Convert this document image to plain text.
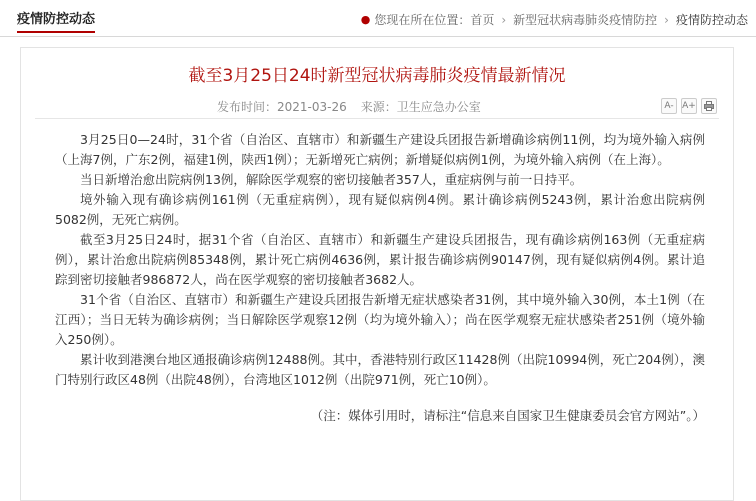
疫情防控动态	● 您现在所在位置： 首页 › 新型冠状病毒肺炎疫情防控 › 疫情防控动态
截至3月25日24时新型冠状病毒肺炎疫情最新情况
发布时间：2021-03-26 来源：卫生应急办公室	A- A+

3月25日0—24时，31个省（自治区、直辖市）和新疆生产建设兵团报告新增确诊病例11例，均为境外输入病例（上海7例，广东2例，福建1例，陕西1例）；无新增死亡病例；新增疑似病例1例，为境外输入病例（在上海）。

当日新增治愈出院病例13例，解除医学观察的密切接触者357人，重症病例与前一日持平。

境外输入现有确诊病例161例（无重症病例），现有疑似病例4例。累计确诊病例5243例，累计治愈出院病例5082例，无死亡病例。

截至3月25日24时，据31个省（自治区、直辖市）和新疆生产建设兵团报告，现有确诊病例163例（无重症病例），累计治愈出院病例85348例，累计死亡病例4636例，累计报告确诊病例90147例，现有疑似病例4例。累计追踪到密切接触者986872人，尚在医学观察的密切接触者3682人。

31个省（自治区、直辖市）和新疆生产建设兵团报告新增无症状感染者31例，其中境外输入30例，本土1例（在江西）；当日无转为确诊病例；当日解除医学观察12例（均为境外输入）；尚在医学观察无症状感染者251例（境外输入250例）。

累计收到港澳台地区通报确诊病例12488例。其中，香港特别行政区11428例（出院10994例，死亡204例），澳门特别行政区48例（出院48例），台湾地区1012例（出院971例，死亡10例）。

（注：媒体引用时，请标注“信息来自国家卫生健康委员会官方网站”。）
